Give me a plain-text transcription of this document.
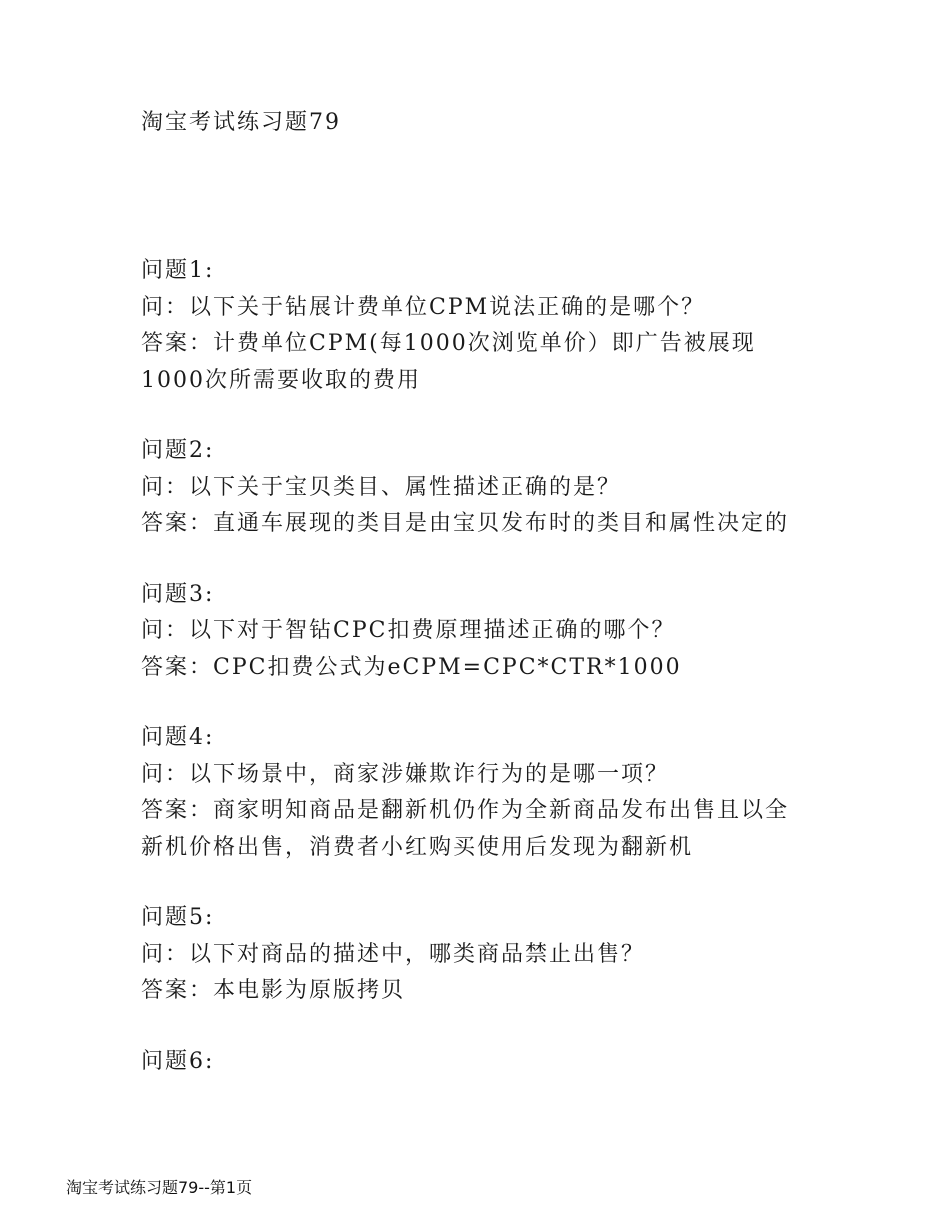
淘宝考试练习题79
问题1:
问：以下关于钻展计费单位CPM说法正确的是哪个？
答案：计费单位CPM(每1000次浏览单价）即广告被展现
1000次所需要收取的费用
问题2:
问：以下关于宝贝类目、属性描述正确的是？
答案：直通车展现的类目是由宝贝发布时的类目和属性决定的
问题3:
问：以下对于智钻CPC扣费原理描述正确的哪个？
答案：CPC扣费公式为eCPM=CPC*CTR*1000
问题4:
问：以下场景中，商家涉嫌欺诈行为的是哪一项？
答案：商家明知商品是翻新机仍作为全新商品发布出售且以全
新机价格出售，消费者小红购买使用后发现为翻新机
问题5:
问：以下对商品的描述中，哪类商品禁止出售？
答案：本电影为原版拷贝
问题6:
淘宝考试练习题79--第1页
